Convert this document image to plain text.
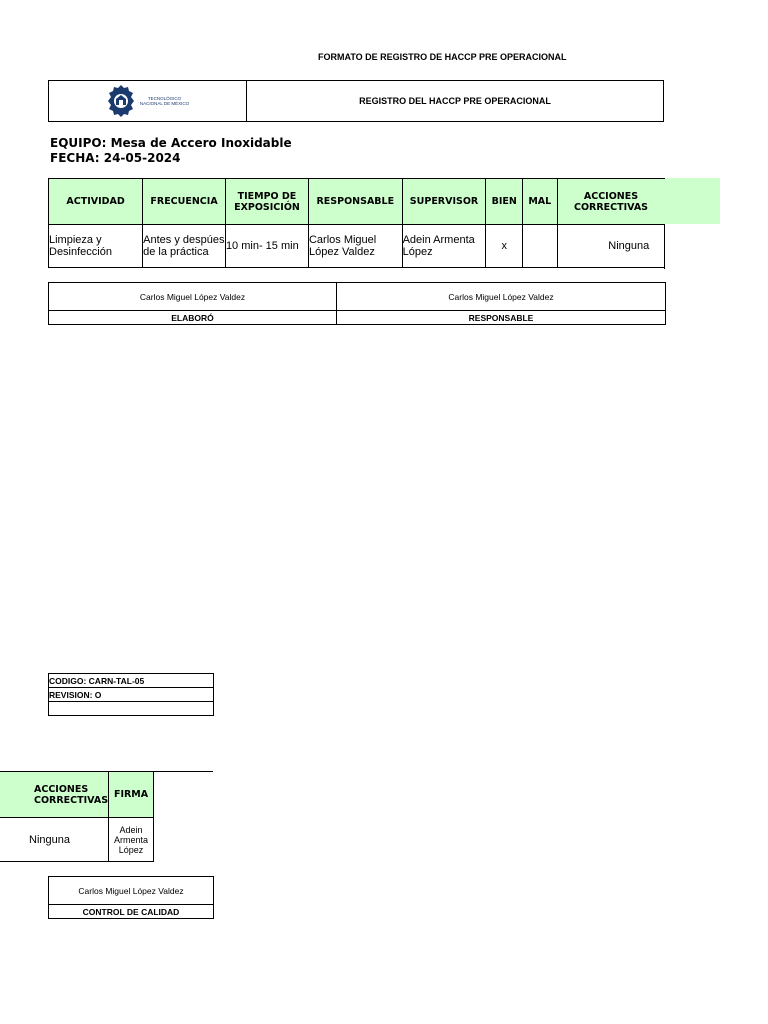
FORMATO DE REGISTRO DE HACCP PRE OPERACIONAL
TECNOLÓGICO
NACIONAL DE MÉXICO	REGISTRO DEL HACCP PRE OPERACIONAL
EQUIPO: Mesa de Accero Inoxidable
FECHA: 24-05-2024
ACTIVIDAD	FRECUENCIA	TIEMPO DE EXPOSICIÓN	RESPONSABLE	SUPERVISOR	BIEN	MAL	ACCIONES CORRECTIVAS
Limpieza y Desinfección	Antes y despúes de la práctica	10 min- 15 min	Carlos Miguel López Valdez	Adein Armenta López	x		Ninguna
Carlos Miguel López Valdez	Carlos Miguel López Valdez
ELABORÓ	RESPONSABLE
CODIGO: CARN-TAL-05
REVISION: O

ACCIONES CORRECTIVAS	FIRMA
Ninguna	Adein Armenta López
Carlos Miguel López Valdez
CONTROL DE CALIDAD
